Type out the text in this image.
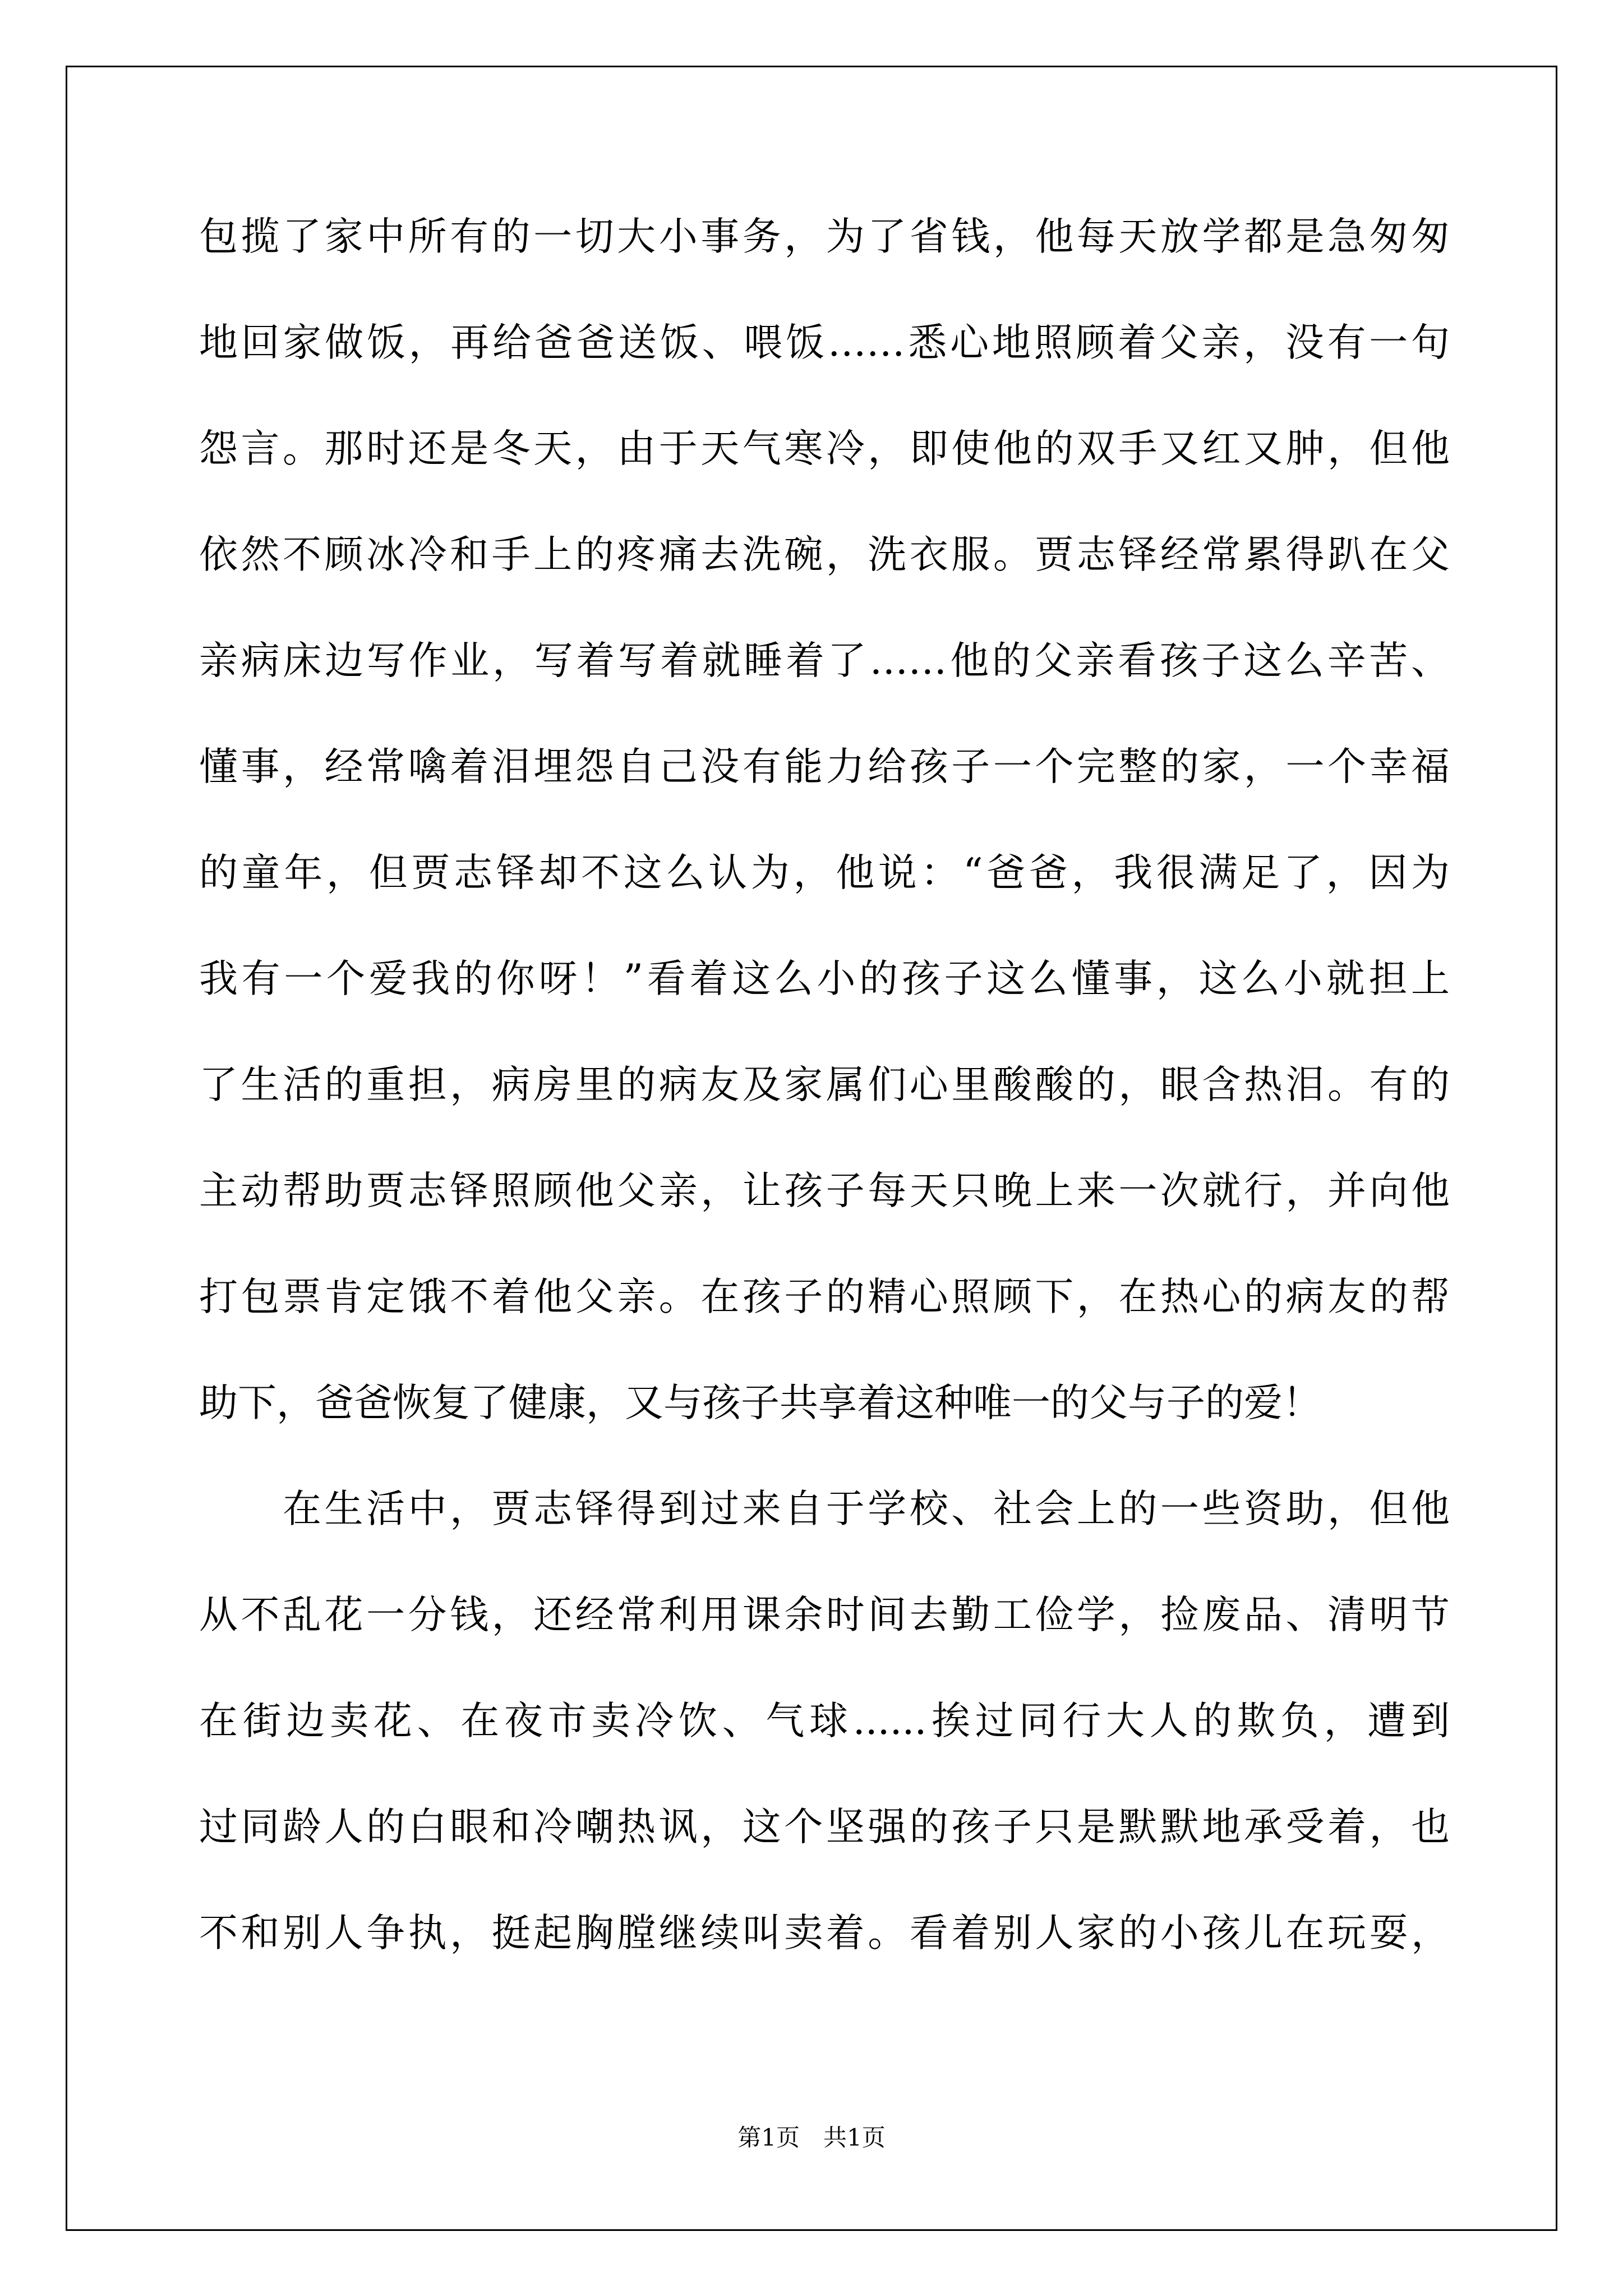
包揽了家中所有的一切大小事务，为了省钱，他每天放学都是急匆匆
地回家做饭，再给爸爸送饭、喂饭……悉心地照顾着父亲，没有一句
怨言。那时还是冬天，由于天气寒冷，即使他的双手又红又肿，但他
依然不顾冰冷和手上的疼痛去洗碗，洗衣服。贾志铎经常累得趴在父
亲病床边写作业，写着写着就睡着了……他的父亲看孩子这么辛苦、
懂事，经常噙着泪埋怨自己没有能力给孩子一个完整的家，一个幸福
的童年，但贾志铎却不这么认为，他说：“爸爸，我很满足了，因为
我有一个爱我的你呀！”看着这么小的孩子这么懂事，这么小就担上
了生活的重担，病房里的病友及家属们心里酸酸的，眼含热泪。有的
主动帮助贾志铎照顾他父亲，让孩子每天只晚上来一次就行，并向他
打包票肯定饿不着他父亲。在孩子的精心照顾下，在热心的病友的帮
助下，爸爸恢复了健康，又与孩子共享着这种唯一的父与子的爱！
　　在生活中，贾志铎得到过来自于学校、社会上的一些资助，但他
从不乱花一分钱，还经常利用课余时间去勤工俭学，捡废品、清明节
在街边卖花、在夜市卖冷饮、气球......挨过同行大人的欺负，遭到
过同龄人的白眼和冷嘲热讽，这个坚强的孩子只是默默地承受着，也
不和别人争执，挺起胸膛继续叫卖着。看着别人家的小孩儿在玩耍，
第1页　共1页
